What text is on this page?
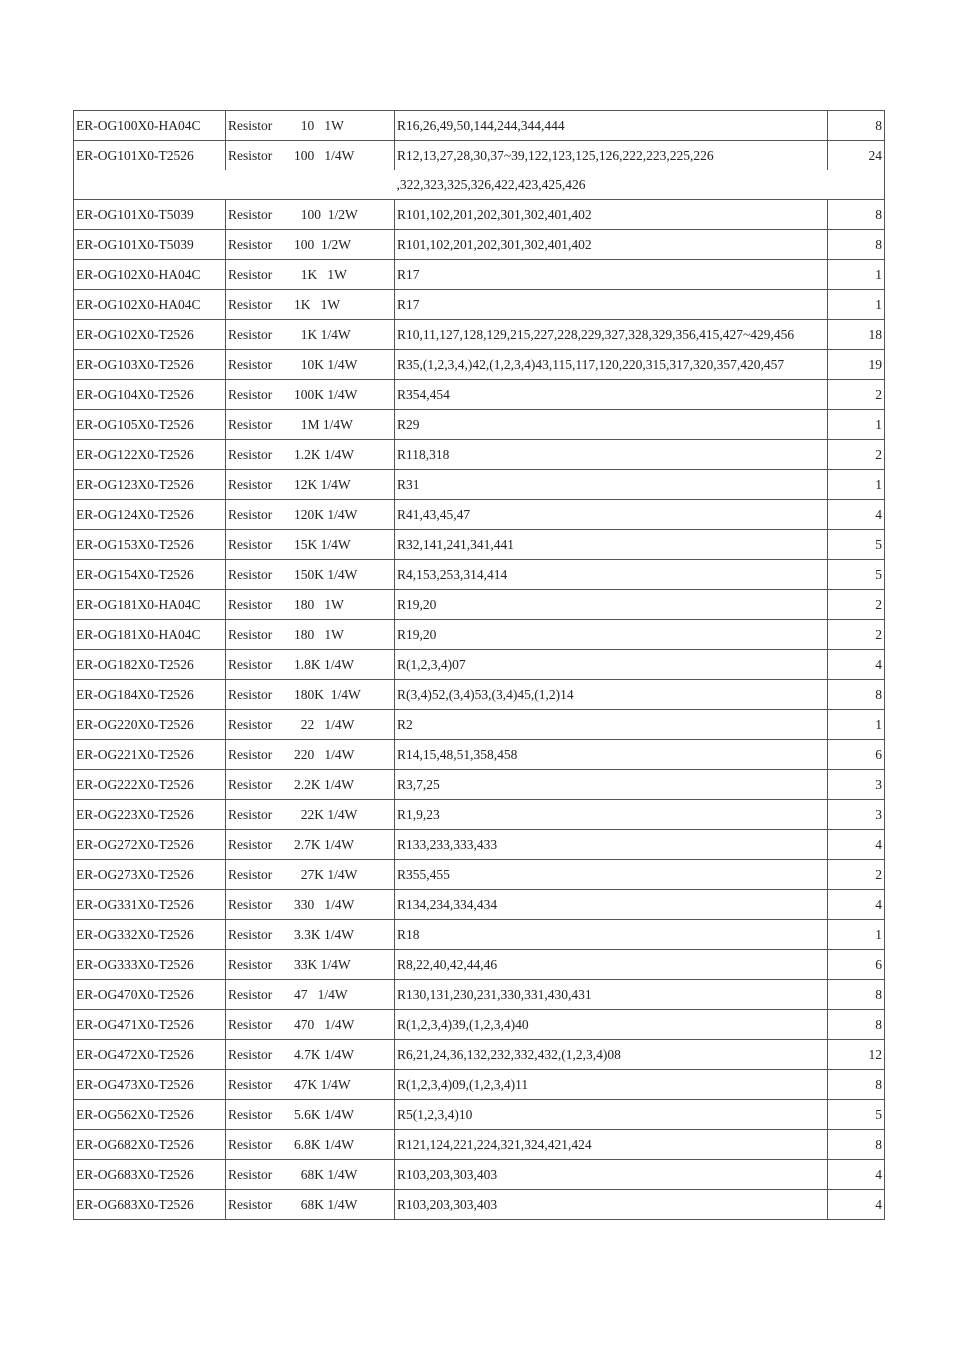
ER-OG100X0-HA04C	Resistor  10   1W	R16,26,49,50,144,244,344,444	8
ER-OG101X0-T2526	Resistor 100   1/4W	R12,13,27,28,30,37~39,122,123,125,126,222,223,225,226	24
		,322,323,325,326,422,423,425,426	
ER-OG101X0-T5039	Resistor  100  1/2W	R101,102,201,202,301,302,401,402	8
ER-OG101X0-T5039	Resistor 100  1/2W	R101,102,201,202,301,302,401,402	8
ER-OG102X0-HA04C	Resistor  1K   1W	R17	1
ER-OG102X0-HA04C	Resistor 1K   1W	R17	1
ER-OG102X0-T2526	Resistor  1K 1/4W	R10,11,127,128,129,215,227,228,229,327,328,329,356,415,427~429,456	18
ER-OG103X0-T2526	Resistor  10K 1/4W	R35,(1,2,3,4,)42,(1,2,3,4)43,115,117,120,220,315,317,320,357,420,457	19
ER-OG104X0-T2526	Resistor 100K 1/4W	R354,454	2
ER-OG105X0-T2526	Resistor  1M 1/4W	R29	1
ER-OG122X0-T2526	Resistor 1.2K 1/4W	R118,318	2
ER-OG123X0-T2526	Resistor 12K 1/4W	R31	1
ER-OG124X0-T2526	Resistor 120K 1/4W	R41,43,45,47	4
ER-OG153X0-T2526	Resistor 15K 1/4W	R32,141,241,341,441	5
ER-OG154X0-T2526	Resistor 150K 1/4W	R4,153,253,314,414	5
ER-OG181X0-HA04C	Resistor 180   1W	R19,20	2
ER-OG181X0-HA04C	Resistor 180   1W	R19,20	2
ER-OG182X0-T2526	Resistor 1.8K 1/4W	R(1,2,3,4)07	4
ER-OG184X0-T2526	Resistor 180K  1/4W	R(3,4)52,(3,4)53,(3,4)45,(1,2)14	8
ER-OG220X0-T2526	Resistor  22   1/4W	R2	1
ER-OG221X0-T2526	Resistor 220   1/4W	R14,15,48,51,358,458	6
ER-OG222X0-T2526	Resistor 2.2K 1/4W	R3,7,25	3
ER-OG223X0-T2526	Resistor  22K 1/4W	R1,9,23	3
ER-OG272X0-T2526	Resistor 2.7K 1/4W	R133,233,333,433	4
ER-OG273X0-T2526	Resistor  27K 1/4W	R355,455	2
ER-OG331X0-T2526	Resistor 330   1/4W	R134,234,334,434	4
ER-OG332X0-T2526	Resistor 3.3K 1/4W	R18	1
ER-OG333X0-T2526	Resistor 33K 1/4W	R8,22,40,42,44,46	6
ER-OG470X0-T2526	Resistor 47   1/4W	R130,131,230,231,330,331,430,431	8
ER-OG471X0-T2526	Resistor 470   1/4W	R(1,2,3,4)39,(1,2,3,4)40	8
ER-OG472X0-T2526	Resistor 4.7K 1/4W	R6,21,24,36,132,232,332,432,(1,2,3,4)08	12
ER-OG473X0-T2526	Resistor 47K 1/4W	R(1,2,3,4)09,(1,2,3,4)11	8
ER-OG562X0-T2526	Resistor 5.6K 1/4W	R5(1,2,3,4)10	5
ER-OG682X0-T2526	Resistor 6.8K 1/4W	R121,124,221,224,321,324,421,424	8
ER-OG683X0-T2526	Resistor  68K 1/4W	R103,203,303,403	4
ER-OG683X0-T2526	Resistor  68K 1/4W	R103,203,303,403	4
